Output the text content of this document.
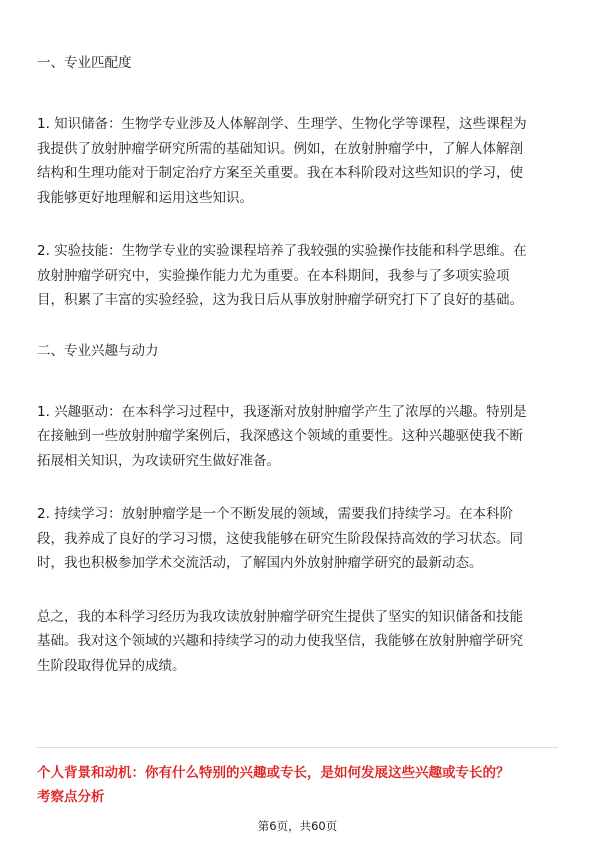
一、专业匹配度
1. 知识储备：生物学专业涉及人体解剖学、生理学、生物化学等课程，这些课程为
我提供了放射肿瘤学研究所需的基础知识。例如，在放射肿瘤学中，了解人体解剖
结构和生理功能对于制定治疗方案至关重要。我在本科阶段对这些知识的学习，使
我能够更好地理解和运用这些知识。
2. 实验技能：生物学专业的实验课程培养了我较强的实验操作技能和科学思维。在
放射肿瘤学研究中，实验操作能力尤为重要。在本科期间，我参与了多项实验项
目，积累了丰富的实验经验，这为我日后从事放射肿瘤学研究打下了良好的基础。
二、专业兴趣与动力
1. 兴趣驱动：在本科学习过程中，我逐渐对放射肿瘤学产生了浓厚的兴趣。特别是
在接触到一些放射肿瘤学案例后，我深感这个领域的重要性。这种兴趣驱使我不断
拓展相关知识，为攻读研究生做好准备。
2. 持续学习：放射肿瘤学是一个不断发展的领域，需要我们持续学习。在本科阶
段，我养成了良好的学习习惯，这使我能够在研究生阶段保持高效的学习状态。同
时，我也积极参加学术交流活动，了解国内外放射肿瘤学研究的最新动态。
总之，我的本科学习经历为我攻读放射肿瘤学研究生提供了坚实的知识储备和技能
基础。我对这个领域的兴趣和持续学习的动力使我坚信，我能够在放射肿瘤学研究
生阶段取得优异的成绩。
个人背景和动机：你有什么特别的兴趣或专长，是如何发展这些兴趣或专长的？
考察点分析
第6页，共60页
